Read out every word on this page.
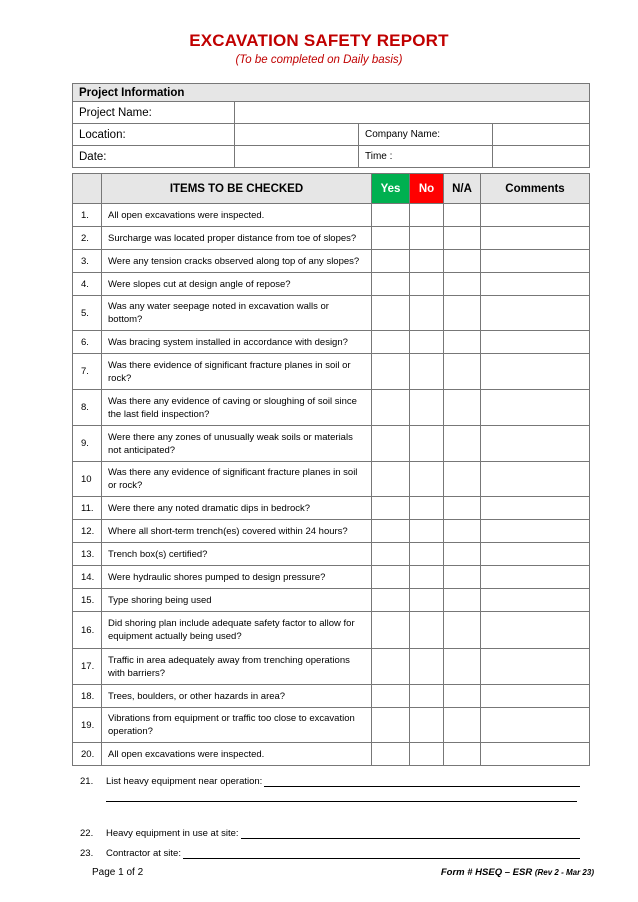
EXCAVATION SAFETY REPORT
(To be completed on Daily basis)
Project Information			
Project Name:			
Location:		Company Name:	
Date:		Time :	
	ITEMS TO BE CHECKED	Yes	No	N/A	Comments
1.	All open excavations were inspected.				
2.	Surcharge was located proper distance from toe of slopes?				
3.	Were any tension cracks observed along top of any slopes?				
4.	Were slopes cut at design angle of repose?				
5.	Was any water seepage noted in excavation walls or bottom?				
6.	Was bracing system installed in accordance with design?				
7.	Was there evidence of significant fracture planes in soil or rock?				
8.	Was there any evidence of caving or sloughing of soil since the last field inspection?				
9.	Were there any zones of unusually weak soils or materials not anticipated?				
10	Was there any evidence of significant fracture planes in soil or rock?				
11.	Were there any noted dramatic dips in bedrock?				
12.	Where all short-term trench(es) covered within 24 hours?				
13.	Trench box(s) certified?				
14.	Were hydraulic shores pumped to design pressure?				
15.	Type shoring being used				
16.	Did shoring plan include adequate safety factor to allow for equipment actually being used?				
17.	Traffic in area adequately away from trenching operations with barriers?				
18.	Trees, boulders, or other hazards in area?				
19.	Vibrations from equipment or traffic too close to excavation operation?				
20.	All open excavations were inspected.				
21.	List heavy equipment near operation:
22.	Heavy equipment in use at site:
23.	Contractor at site:
Page 1 of 2	Form # HSEQ – ESR (Rev 2 - Mar 23)
